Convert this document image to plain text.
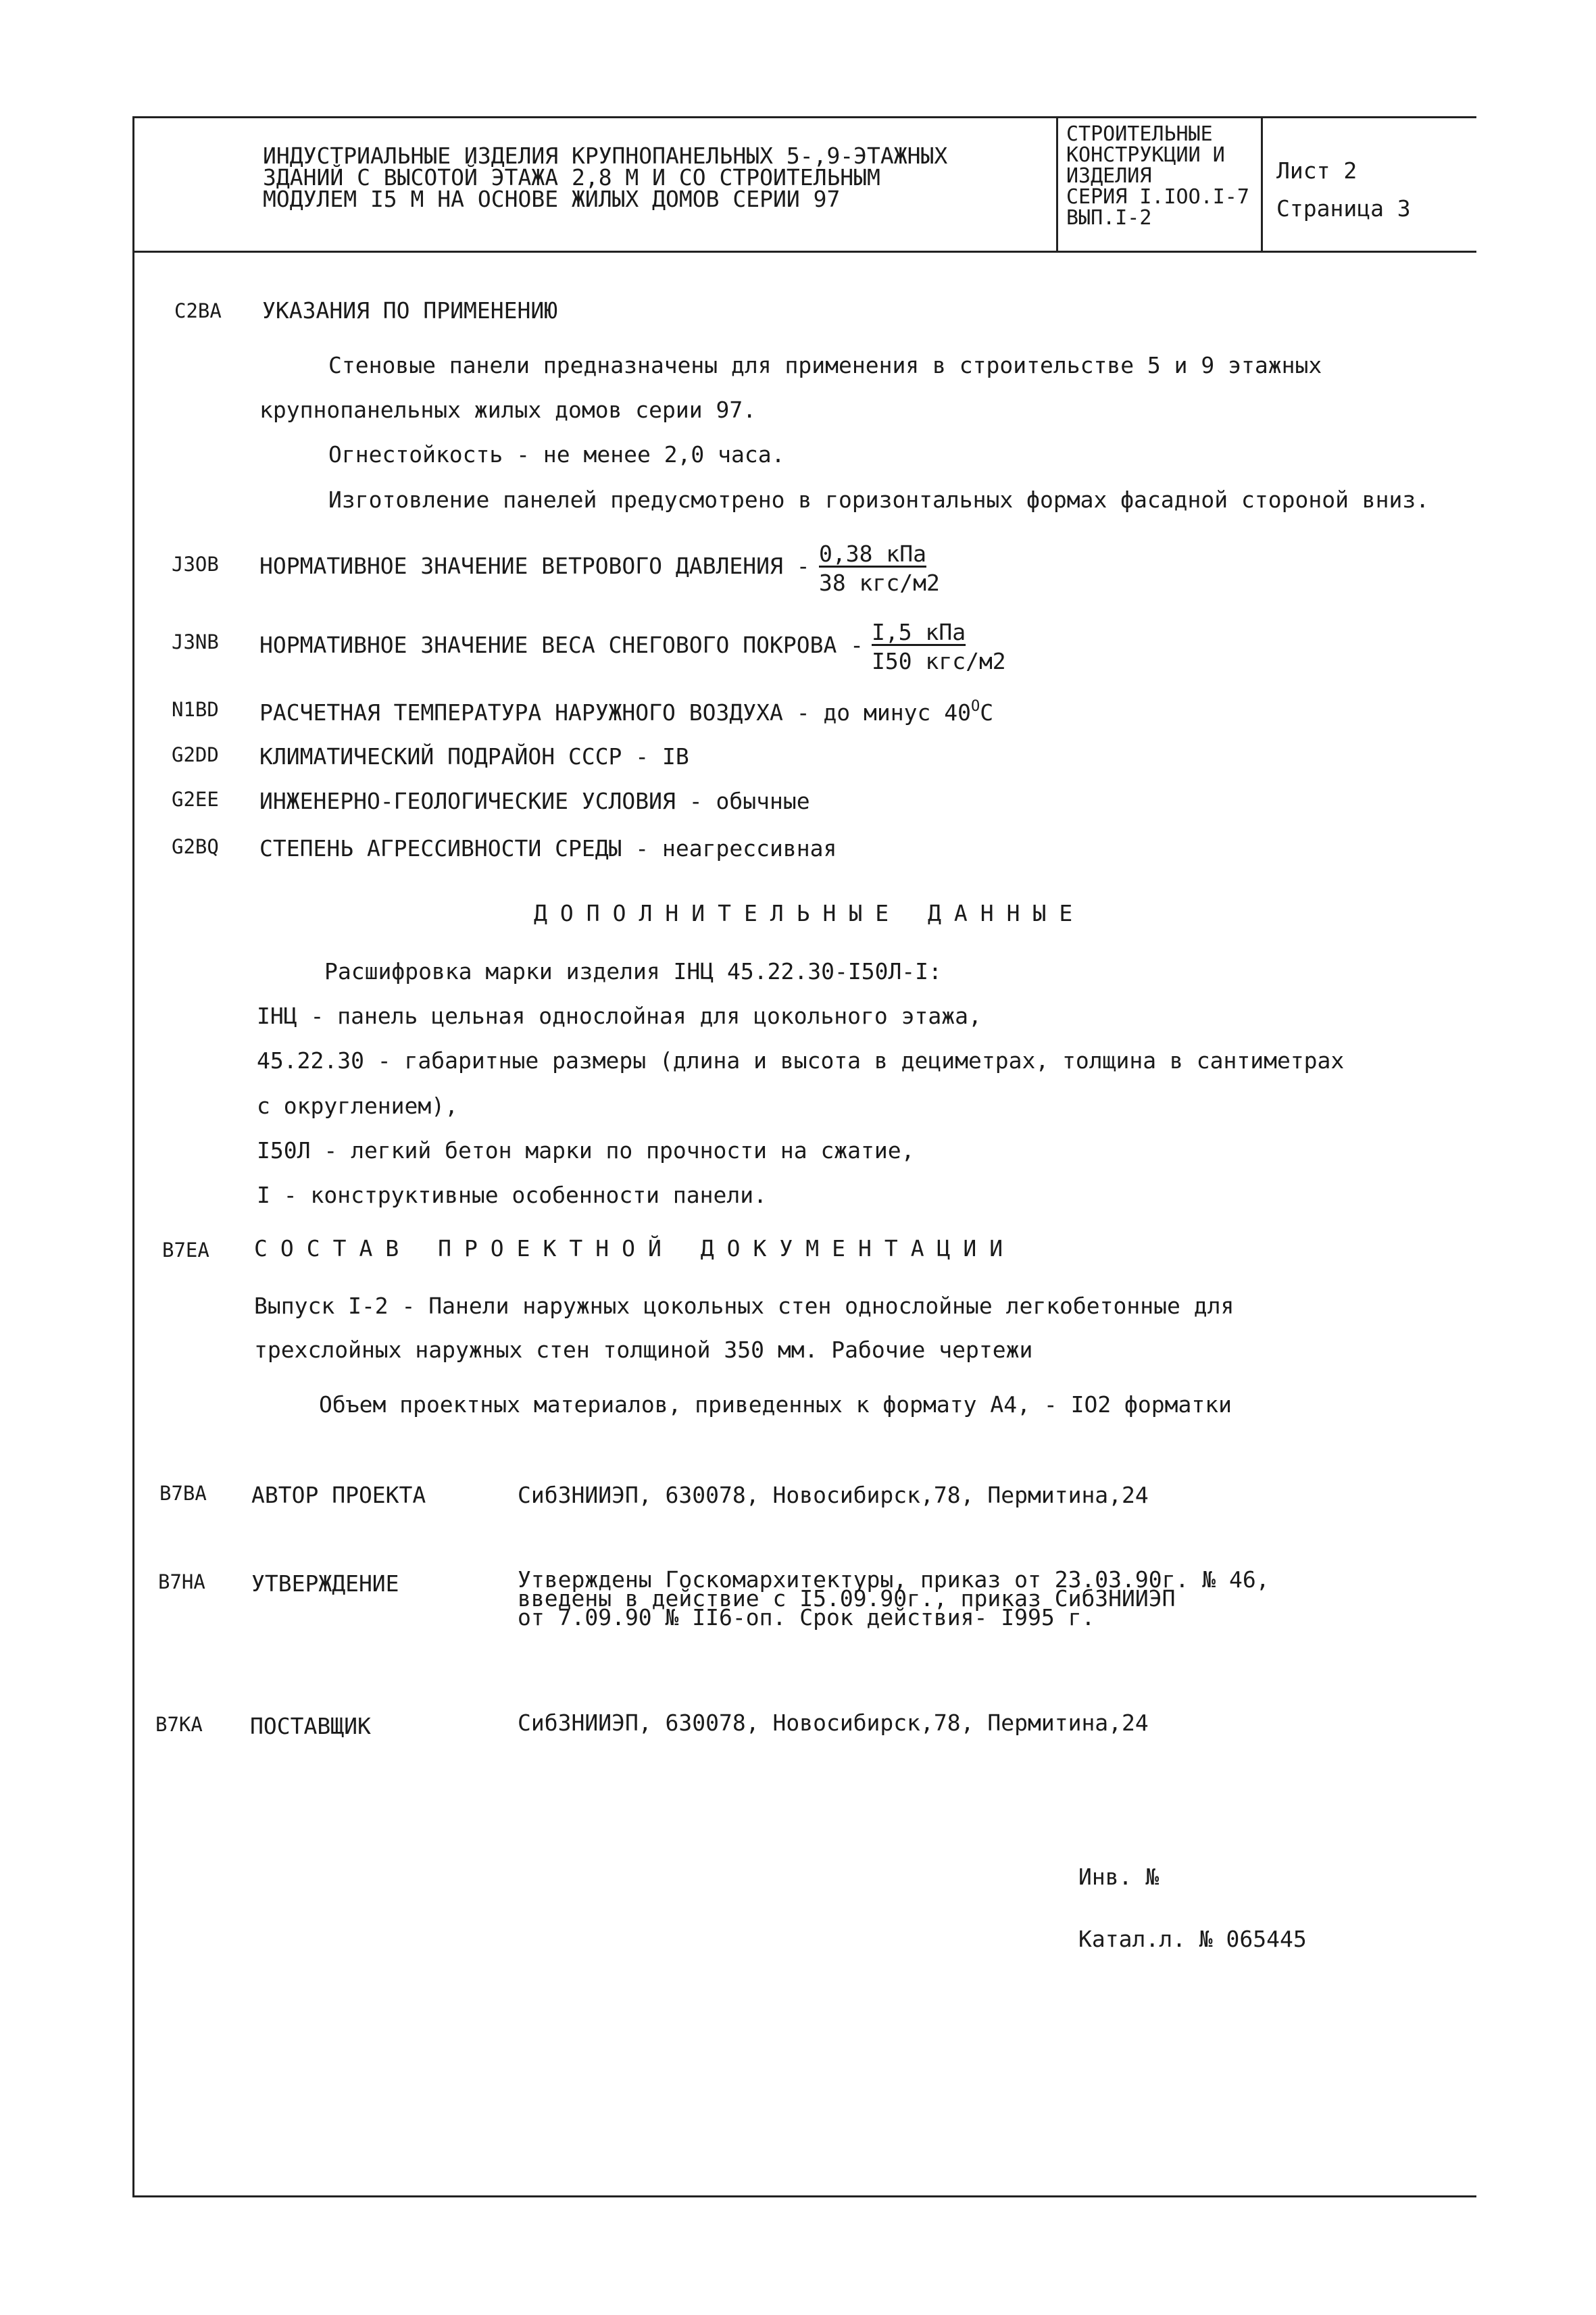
ИНДУСТРИАЛЬНЫЕ ИЗДЕЛИЯ КРУПНОПАНЕЛЬНЫХ 5-,9-ЭТАЖНЫХ
ЗДАНИЙ С ВЫСОТОЙ ЭТАЖА 2,8 М И СО СТРОИТЕЛЬНЫМ
МОДУЛЕМ I5 М НА ОСНОВЕ ЖИЛЫХ ДОМОВ СЕРИИ 97
СТРОИТЕЛЬНЫЕ
КОНСТРУКЦИИ И
ИЗДЕЛИЯ
СЕРИЯ I.IOO.I-7
ВЫП.I-2
Лист 2
Страница 3
C2BA УКАЗАНИЯ ПО ПРИМЕНЕНИЮ
Стеновые панели предназначены для применения в строительстве 5 и 9 этажных
крупнопанельных жилых домов серии 97.
Огнестойкость - не менее 2,0 часа.
Изготовление панелей предусмотрено в горизонтальных формах фасадной стороной вниз.
J3OB НОРМАТИВНОЕ ЗНАЧЕНИЕ ВЕТРОВОГО ДАВЛЕНИЯ - 0,38 кПа
38 кгс/м2
J3NB НОРМАТИВНОЕ ЗНАЧЕНИЕ ВЕСА СНЕГОВОГО ПОКРОВА - I,5 кПа
I50 кгс/м2
N1BD РАСЧЕТНАЯ ТЕМПЕРАТУРА НАРУЖНОГО ВОЗДУХА - до минус $40^OC$
G2DD КЛИМАТИЧЕСКИЙ ПОДРАЙОН СССР - IB
G2EE ИНЖЕНЕРНО-ГЕОЛОГИЧЕСКИЕ УСЛОВИЯ - обычные
G2BQ СТЕПЕНЬ АГРЕССИВНОСТИ СРЕДЫ - неагрессивная
ДОПОЛНИТЕЛЬНЫЕ ДАННЫЕ
Расшифровка марки изделия IНЦ 45.22.30-I50Л-I:
IНЦ - панель цельная однослойная для цокольного этажа,
45.22.30 - габаритные размеры (длина и высота в дециметрах, толщина в сантиметрах
с округлением),
I50Л - легкий бетон марки по прочности на сжатие,
I - конструктивные особенности панели.
B7EA СОСТАВ ПРОЕКТНОЙ ДОКУМЕНТАЦИИ
Выпуск I-2 - Панели наружных цокольных стен однослойные легкобетонные для
трехслойных наружных стен толщиной 350 мм. Рабочие чертежи
Объем проектных материалов, приведенных к формату А4, - IO2 форматки
B7BA АВТОР ПРОЕКТА	СибЗНИИЭП, 630078, Новосибирск,78, Пермитина,24
B7HA УТВЕРЖДЕНИЕ	Утверждены Госкомархитектуры, приказ от 23.03.90г. № 46,
введены в действие с I5.09.90г., приказ СибЗНИИЭП
от 7.09.90 № II6-оп. Срок действия- I995 г.
B7KA ПОСТАВЩИК	СибЗНИИЭП, 630078, Новосибирск,78, Пермитина,24
Инв. №
Катал.л. № 065445
